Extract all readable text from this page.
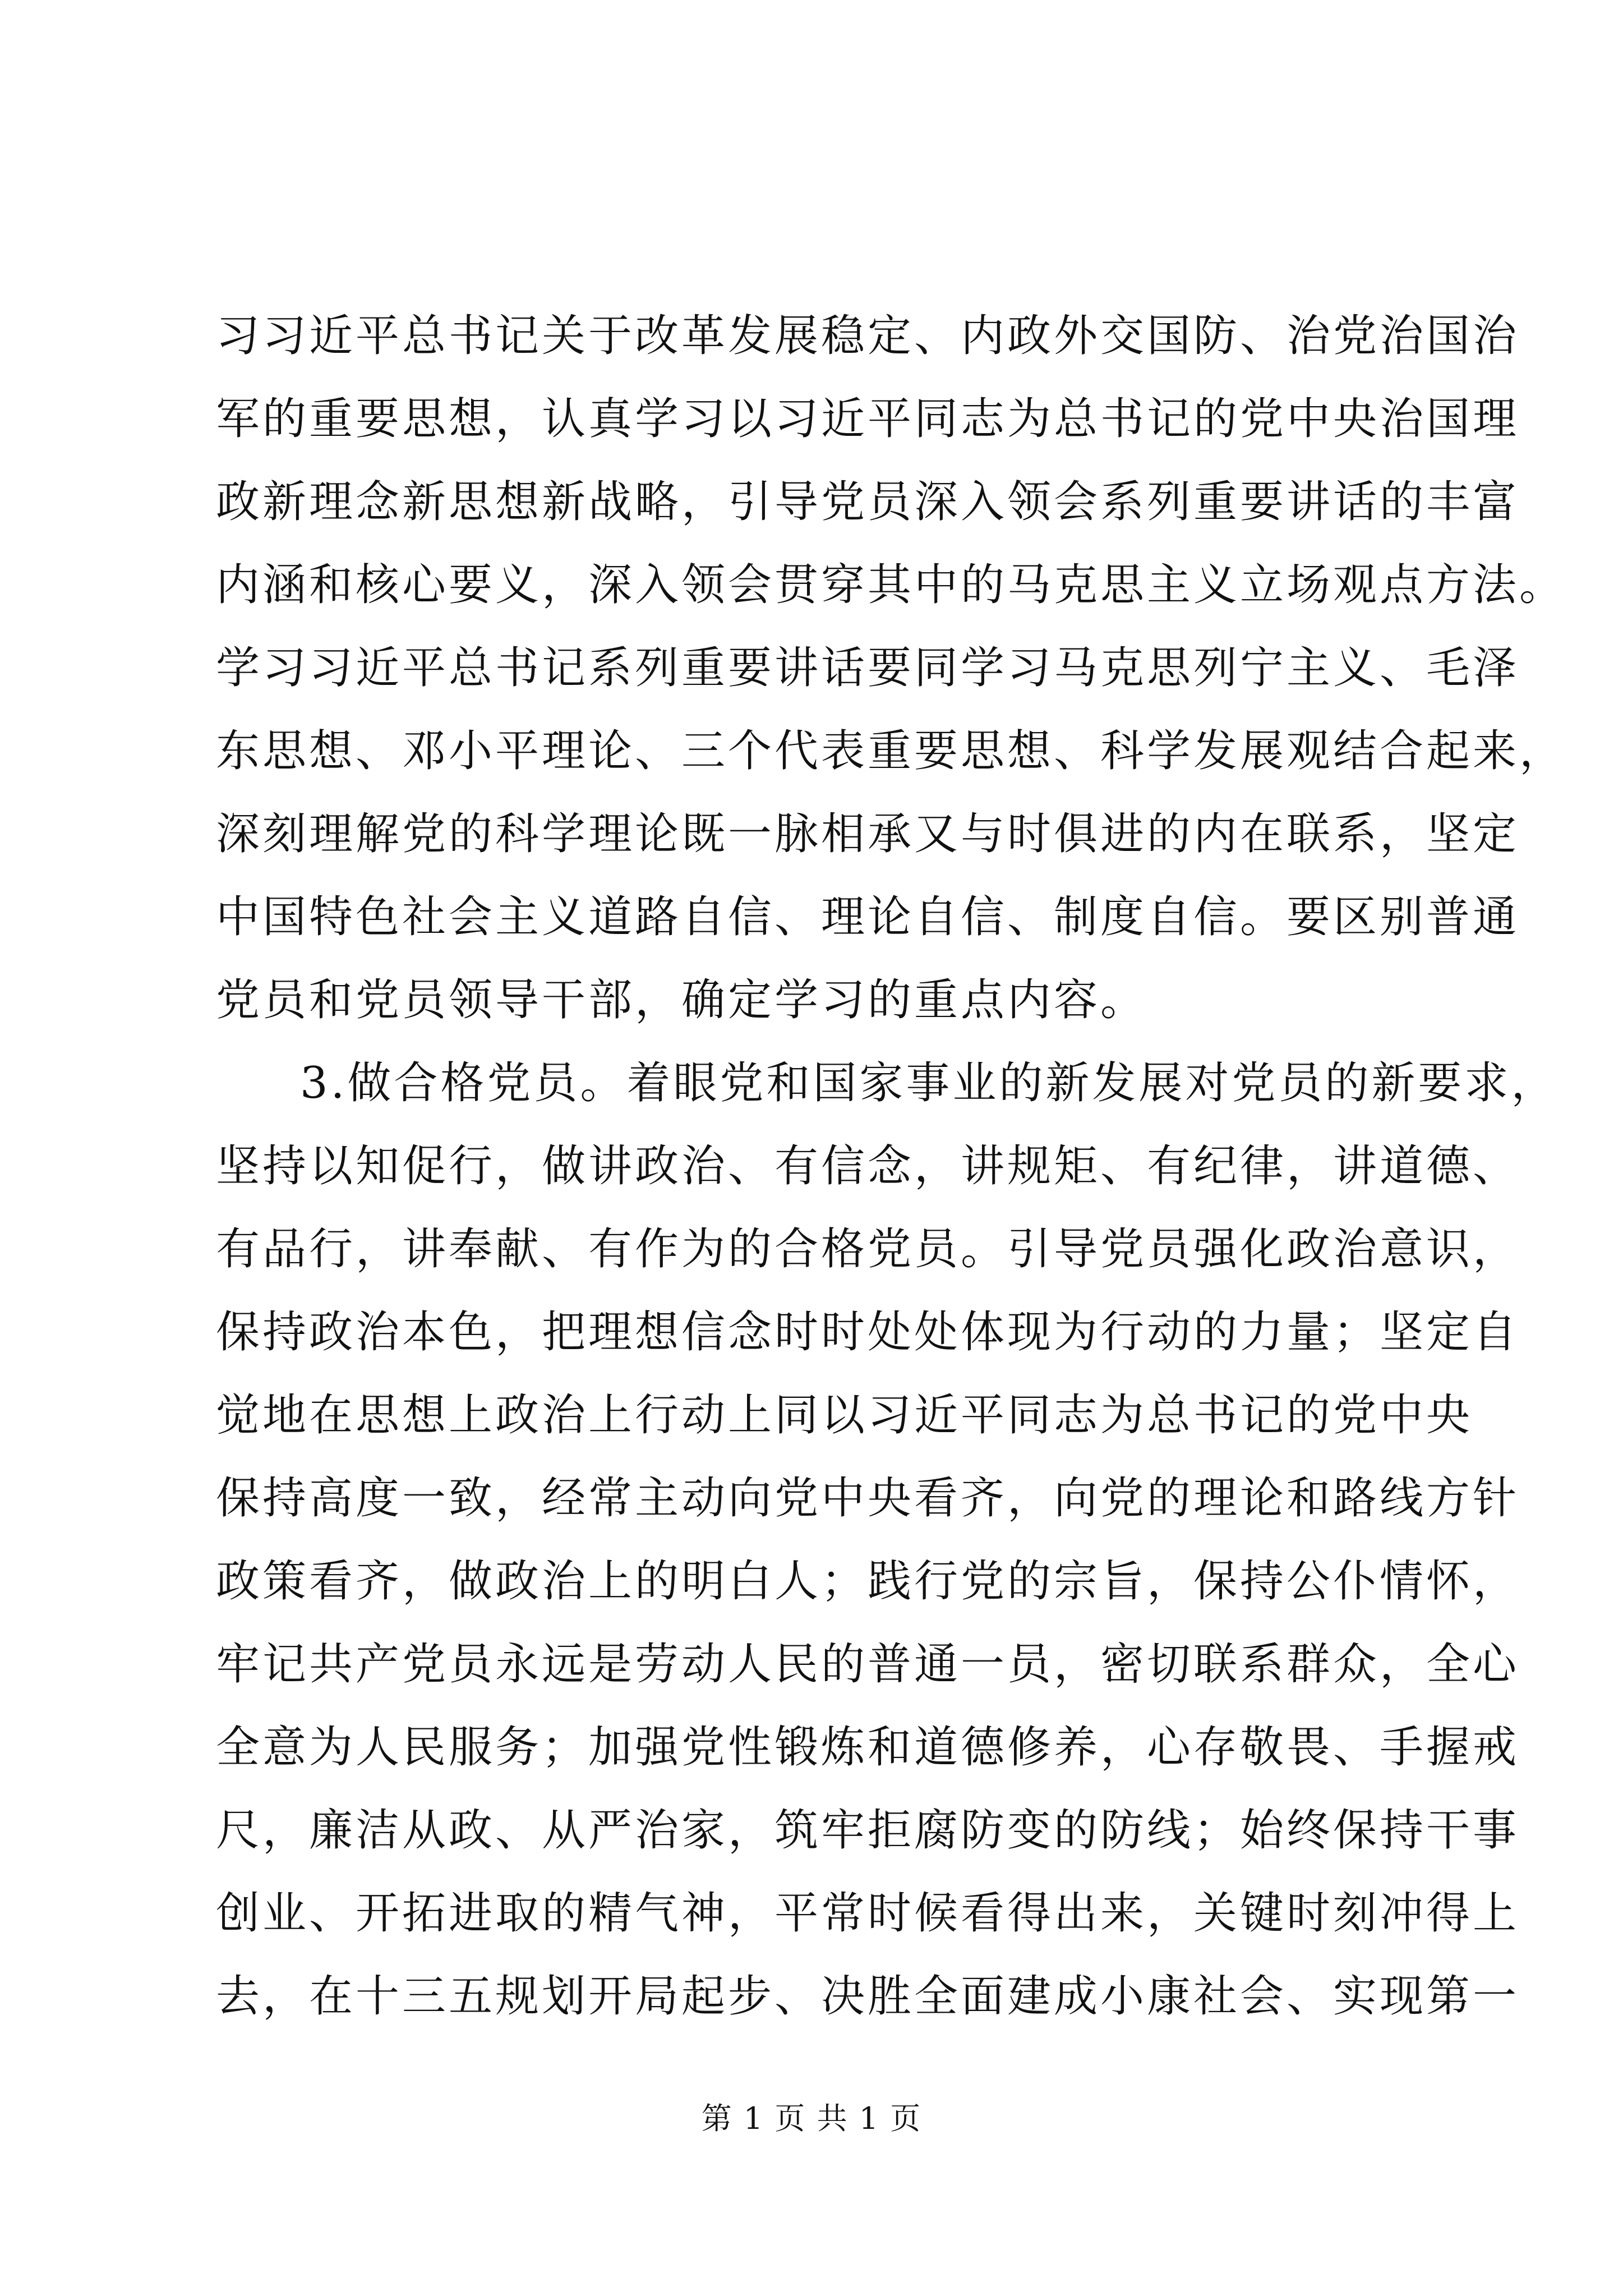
习习近平总书记关于改革发展稳定、内政外交国防、治党治国治
军的重要思想，认真学习以习近平同志为总书记的党中央治国理
政新理念新思想新战略，引导党员深入领会系列重要讲话的丰富
内涵和核心要义，深入领会贯穿其中的马克思主义立场观点方法。
学习习近平总书记系列重要讲话要同学习马克思列宁主义、毛泽
东思想、邓小平理论、三个代表重要思想、科学发展观结合起来，
深刻理解党的科学理论既一脉相承又与时俱进的内在联系，坚定
中国特色社会主义道路自信、理论自信、制度自信。要区别普通
党员和党员领导干部，确定学习的重点内容。
3.做合格党员。着眼党和国家事业的新发展对党员的新要求，
坚持以知促行，做讲政治、有信念，讲规矩、有纪律，讲道德、
有品行，讲奉献、有作为的合格党员。引导党员强化政治意识，
保持政治本色，把理想信念时时处处体现为行动的力量；坚定自
觉地在思想上政治上行动上同以习近平同志为总书记的党中央
保持高度一致，经常主动向党中央看齐，向党的理论和路线方针
政策看齐，做政治上的明白人；践行党的宗旨，保持公仆情怀，
牢记共产党员永远是劳动人民的普通一员，密切联系群众，全心
全意为人民服务；加强党性锻炼和道德修养，心存敬畏、手握戒
尺，廉洁从政、从严治家，筑牢拒腐防变的防线；始终保持干事
创业、开拓进取的精气神，平常时候看得出来，关键时刻冲得上
去，在十三五规划开局起步、决胜全面建成小康社会、实现第一
第 1 页 共 1 页
